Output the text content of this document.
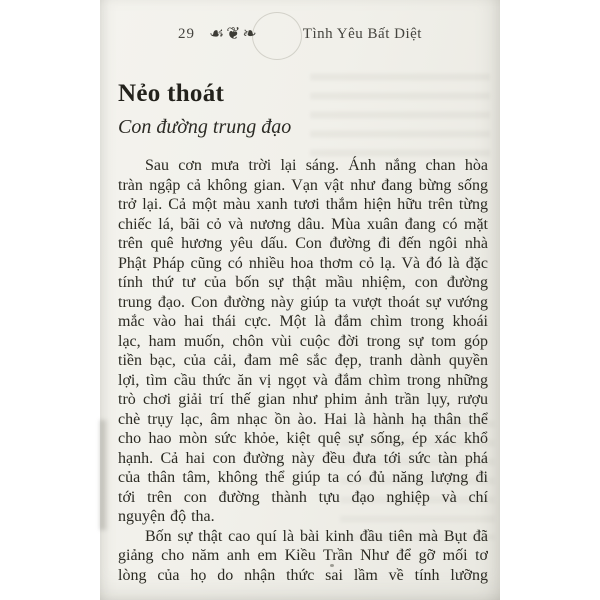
29 ☙❦❧	Tình Yêu Bất Diệt
Nẻo thoát
Con đường trung đạo
Sau cơn mưa trời lại sáng. Ánh nắng chan hòa
tràn ngập cả không gian. Vạn vật như đang bừng sống
trở lại. Cả một màu xanh tươi thắm hiện hữu trên từng
chiếc lá, bãi cỏ và nương dâu. Mùa xuân đang có mặt
trên quê hương yêu dấu. Con đường đi đến ngôi nhà
Phật Pháp cũng có nhiều hoa thơm cỏ lạ. Và đó là đặc
tính thứ tư của bốn sự thật mầu nhiệm, con đường
trung đạo. Con đường này giúp ta vượt thoát sự vướng
mắc vào hai thái cực. Một là đắm chìm trong khoái
lạc, ham muốn, chôn vùi cuộc đời trong sự tom góp
tiền bạc, của cải, đam mê sắc đẹp, tranh dành quyền
lợi, tìm cầu thức ăn vị ngọt và đắm chìm trong những
trò chơi giải trí thế gian như phim ảnh trần lụy, rượu
chè trụy lạc, âm nhạc ồn ào. Hai là hành hạ thân thể
cho hao mòn sức khỏe, kiệt quệ sự sống, ép xác khổ
hạnh. Cả hai con đường này đều đưa tới sức tàn phá
của thân tâm, không thể giúp ta có đủ năng lượng đi
tới trên con đường thành tựu đạo nghiệp và chí
nguyện độ tha.
Bốn sự thật cao quí là bài kinh đầu tiên mà Bụt đã
giảng cho năm anh em Kiều Trần Như để gỡ mối tơ
lòng của họ do nhận thức sai lầm về tính lưỡng
